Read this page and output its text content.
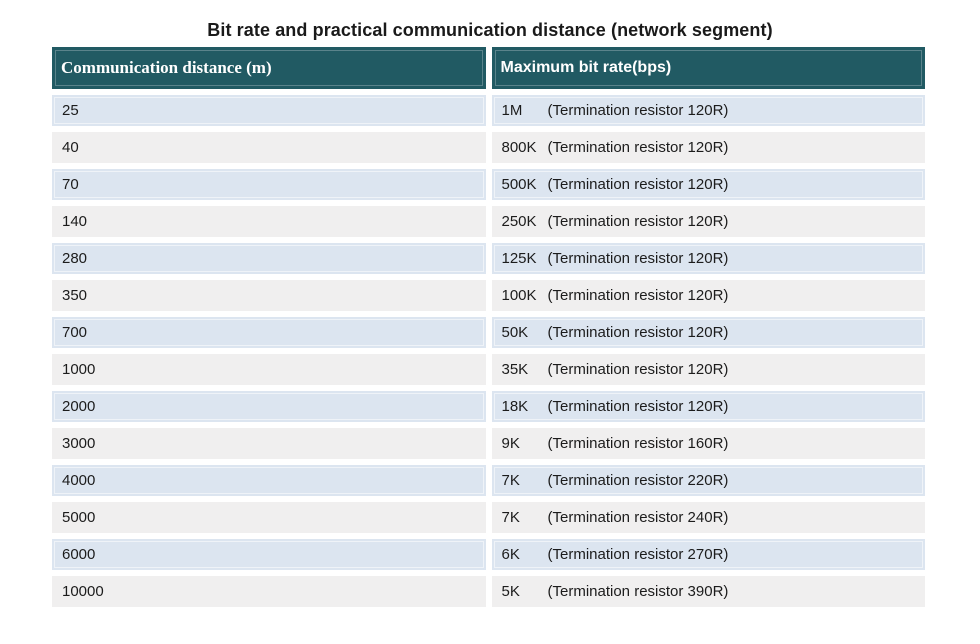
Bit rate and practical communication distance (network segment)
Communication distance (m)	Maximum bit rate(bps)
25	1M	(Termination resistor 120R)
40	800K (Termination resistor 120R)
70	500K (Termination resistor 120R)
140	250K (Termination resistor 120R)
280	125K (Termination resistor 120R)
350	100K (Termination resistor 120R)
700	50K	(Termination resistor 120R)
1000	35K	(Termination resistor 120R)
2000	18K	(Termination resistor 120R)
3000	9K	(Termination resistor 160R)
4000	7K	(Termination resistor 220R)
5000	7K	(Termination resistor 240R)
6000	6K	(Termination resistor 270R)
10000	5K	(Termination resistor 390R)
